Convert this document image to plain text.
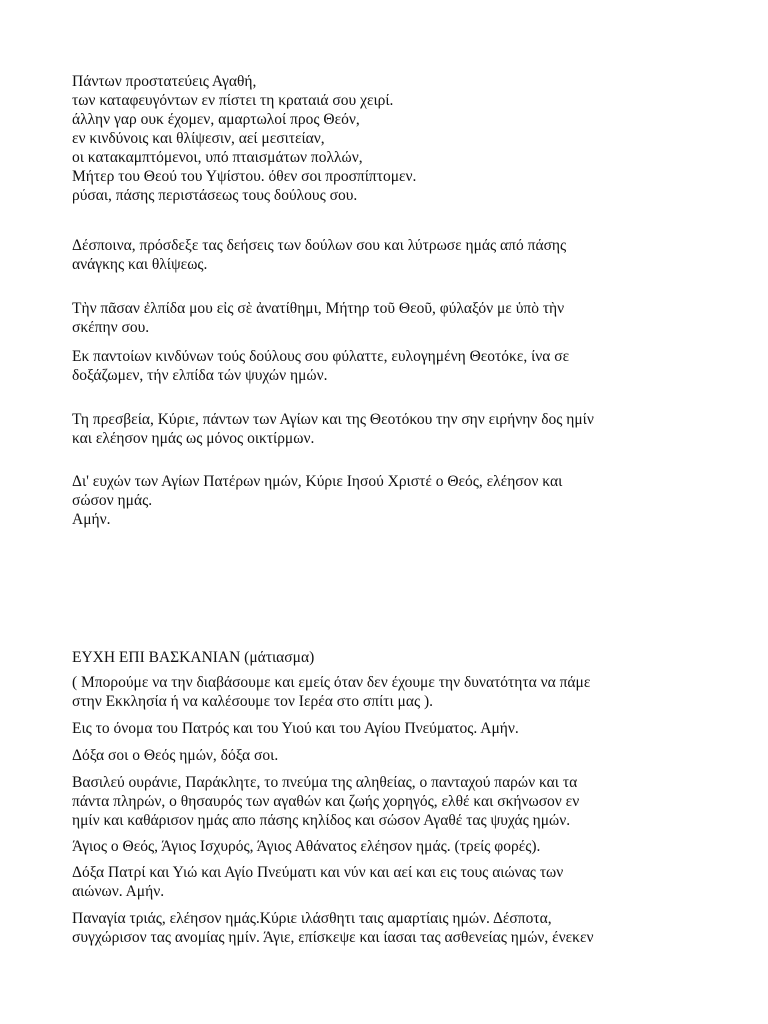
Πάντων προστατεύεις Αγαθή,
των καταφευγόντων εν πίστει τη κραταιά σου χειρί.
άλλην γαρ ουκ έχομεν, αμαρτωλοί προς Θεόν,
εν κινδύνοις και θλίψεσιν, αεί μεσιτείαν,
οι κατακαμπτόμενοι, υπό πταισμάτων πολλών,
Μήτερ του Θεού του Υψίστου. όθεν σοι προσπίπτομεν.
ρύσαι, πάσης περιστάσεως τους δούλους σου.
Δέσποινα, πρόσδεξε τας δεήσεις των δούλων σου και λύτρωσε ημάς από πάσης
ανάγκης και θλίψεως.
Τὴν πᾶσαν ἐλπίδα μου εἰς σὲ ἀνατίθημι, Μήτηρ τοῦ Θεοῦ, φύλαξόν με ὑπὸ τὴν
σκέπην σου.
Εκ παντοίων κινδύνων τούς δούλους σου φύλαττε, ευλογημένη Θεοτόκε, ίνα σε
δοξάζωμεν, τήν ελπίδα τών ψυχών ημών.
Τη πρεσβεία, Κύριε, πάντων των Αγίων και της Θεοτόκου την σην ειρήνην δος ημίν
και ελέησον ημάς ως μόνος οικτίρμων.
Δι' ευχών των Αγίων Πατέρων ημών, Κύριε Ιησού Χριστέ ο Θεός, ελέησον και
σώσον ημάς.
Αμήν.
ΕΥΧΗ ΕΠΙ ΒΑΣΚΑΝΙΑΝ (μάτιασμα)
( Μπορούμε να την διαβάσουμε και εμείς όταν δεν έχουμε την δυνατότητα να πάμε
στην Εκκλησία ή να καλέσουμε τον Ιερέα στο σπίτι μας ).
Εις το όνομα του Πατρός και του Υιού και του Αγίου Πνεύματος. Αμήν.
Δόξα σοι ο Θεός ημών, δόξα σοι.
Βασιλεύ ουράνιε, Παράκλητε, το πνεύμα της αληθείας, ο πανταχού παρών και τα
πάντα πληρών, ο θησαυρός των αγαθών και ζωής χορηγός, ελθέ και σκήνωσον εν
ημίν και καθάρισον ημάς απο πάσης κηλίδος και σώσον Αγαθέ τας ψυχάς ημών.
Άγιος ο Θεός, Άγιος Ισχυρός, Άγιος Αθάνατος ελέησον ημάς. (τρείς φορές).
Δόξα Πατρί και Υιώ και Αγίο Πνεύματι και νύν και αεί και εις τους αιώνας των
αιώνων. Αμήν.
Παναγία τριάς, ελέησον ημάς.Κύριε ιλάσθητι ταις αμαρτίαις ημών. Δέσποτα,
συγχώρισον τας ανομίας ημίν. Άγιε, επίσκεψε και ίασαι τας ασθενείας ημών, ένεκεν
